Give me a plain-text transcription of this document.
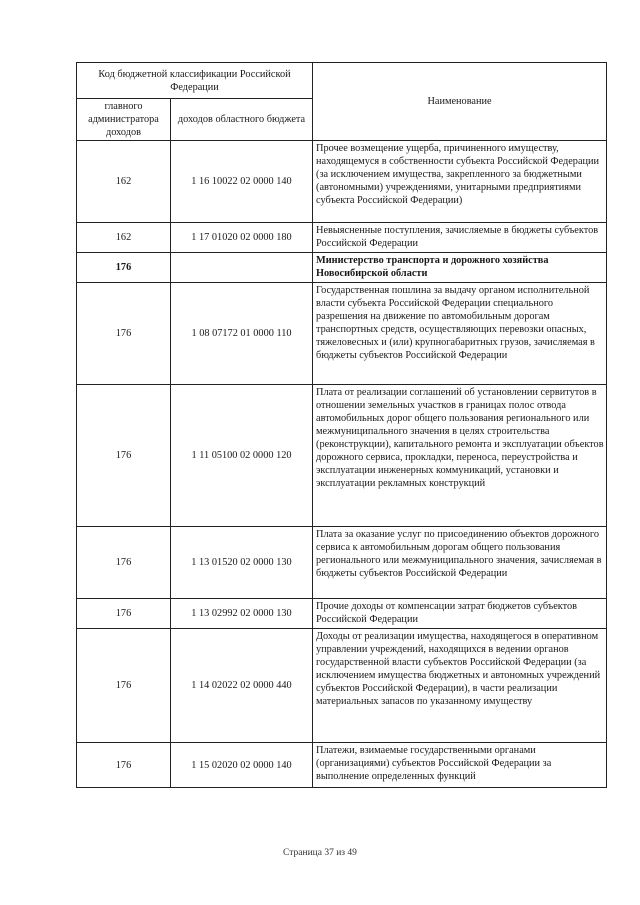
Код бюджетной классификации Российской Федерации		Наименование
главного администратора доходов	доходов областного бюджета	
162	1 16 10022 02 0000 140	Прочее возмещение ущерба, причиненного имуществу, находящемуся в собственности субъекта Российской Федерации (за исключением имущества, закрепленного за бюджетными (автономными) учреждениями, унитарными предприятиями субъекта Российской Федерации)
162	1 17 01020 02 0000 180	Невыясненные поступления, зачисляемые в бюджеты субъектов Российской Федерации
176		Министерство транспорта и дорожного хозяйства Новосибирской области
176	1 08 07172 01 0000 110	Государственная пошлина за выдачу органом исполнительной власти субъекта Российской Федерации специального разрешения на движение по автомобильным дорогам транспортных средств, осуществляющих перевозки опасных, тяжеловесных и (или) крупногабаритных грузов, зачисляемая в бюджеты субъектов Российской Федерации
176	1 11 05100 02 0000 120	Плата от реализации соглашений об установлении сервитутов в отношении земельных участков в границах полос отвода автомобильных дорог общего пользования регионального или межмуниципального значения в целях строительства (реконструкции), капитального ремонта и эксплуатации объектов дорожного сервиса, прокладки, переноса, переустройства и эксплуатации инженерных коммуникаций, установки и эксплуатации рекламных конструкций
176	1 13 01520 02 0000 130	Плата за оказание услуг по присоединению объектов дорожного сервиса к автомобильным дорогам общего пользования регионального или межмуниципального значения, зачисляемая в бюджеты субъектов Российской Федерации
176	1 13 02992 02 0000 130	Прочие доходы от компенсации затрат бюджетов субъектов Российской Федерации
176	1 14 02022 02 0000 440	Доходы от реализации имущества, находящегося в оперативном управлении учреждений, находящихся в ведении органов государственной власти субъектов Российской Федерации (за исключением имущества бюджетных и автономных учреждений субъектов Российской Федерации), в части реализации материальных запасов по указанному имуществу
176	1 15 02020 02 0000 140	Платежи, взимаемые государственными органами (организациями) субъектов Российской Федерации за выполнение определенных функций
Страница 37 из 49
